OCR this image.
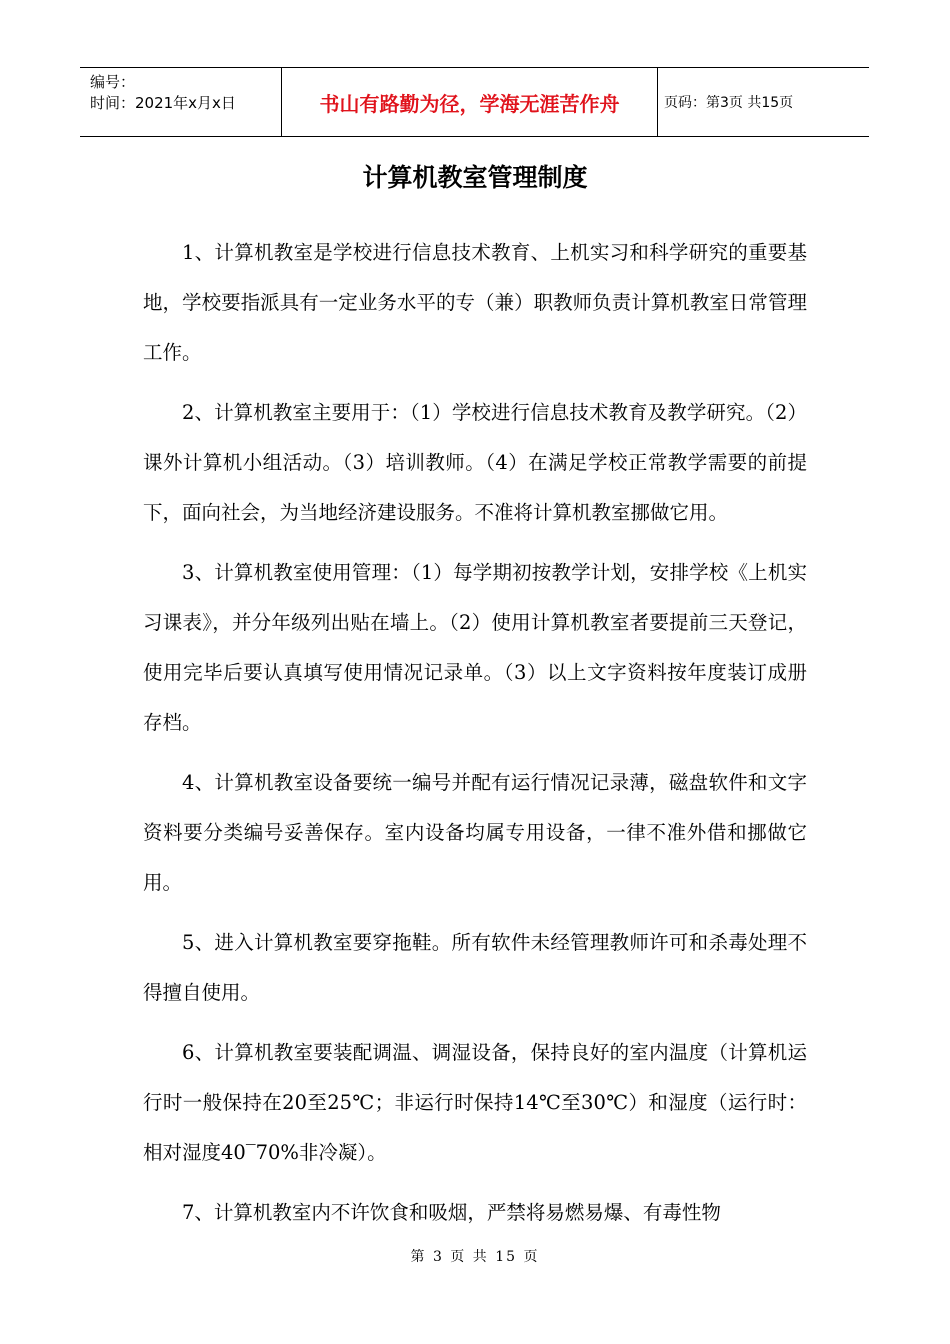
编号：
时间：2021年x月x日	书山有路勤为径，学海无涯苦作舟	页码：第3页 共15页
计算机教室管理制度

1、计算机教室是学校进行信息技术教育、上机实习和科学研究的重要基地，学校要指派具有一定业务水平的专（兼）职教师负责计算机教室日常管理工作。

2、计算机教室主要用于：（1）学校进行信息技术教育及教学研究。（2）课外计算机小组活动。（3）培训教师。（4）在满足学校正常教学需要的前提下，面向社会，为当地经济建设服务。不准将计算机教室挪做它用。

3、计算机教室使用管理：（1）每学期初按教学计划，安排学校《上机实习课表》，并分年级列出贴在墙上。（2）使用计算机教室者要提前三天登记，使用完毕后要认真填写使用情况记录单。（3）以上文字资料按年度装订成册存档。

4、计算机教室设备要统一编号并配有运行情况记录薄，磁盘软件和文字资料要分类编号妥善保存。室内设备均属专用设备，一律不准外借和挪做它用。

5、进入计算机教室要穿拖鞋。所有软件未经管理教师许可和杀毒处理不得擅自使用。

6、计算机教室要装配调温、调湿设备，保持良好的室内温度（计算机运行时一般保持在20至25℃；非运行时保持14℃至30℃）和湿度（运行时：相对湿度40‾70%非冷凝）。

7、计算机教室内不许饮食和吸烟，严禁将易燃易爆、有毒性物

第 3 页 共 15 页
